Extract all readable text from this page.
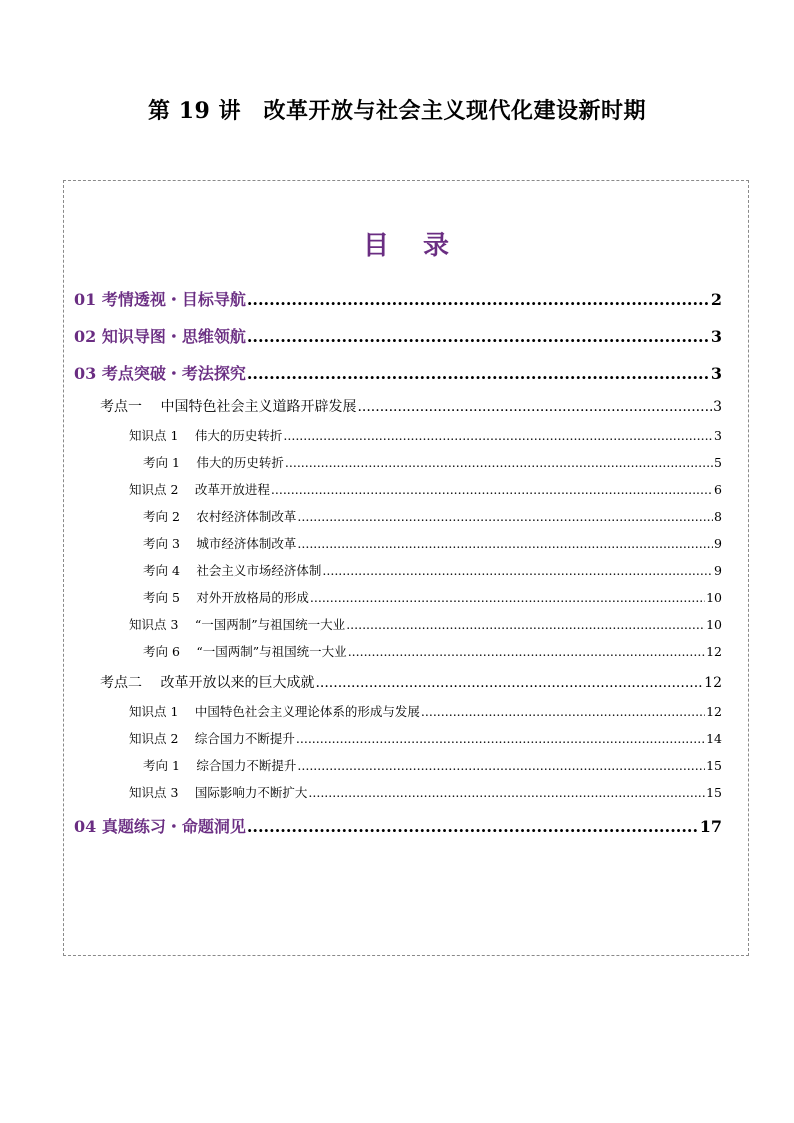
第 19 讲　改革开放与社会主义现代化建设新时期
目录
01 考情透视・目标导航 .....	2
02 知识导图・思维领航 .....	3
03 考点突破・考法探究 .....	3
考点一　 中国特色社会主义道路开辟发展 .....	3
知识点 1　 伟大的历史转折 .....	3
考向 1　 伟大的历史转折 .....	5
知识点 2　 改革开放进程 .....	6
考向 2　 农村经济体制改革 .....	8
考向 3　 城市经济体制改革 .....	9
考向 4　 社会主义市场经济体制 .....	9
考向 5　 对外开放格局的形成 .....	10
知识点 3　 “一国两制”与祖国统一大业 .....	10
考向 6　 “一国两制”与祖国统一大业 .....	12
考点二　 改革开放以来的巨大成就 .....	12
知识点 1　 中国特色社会主义理论体系的形成与发展 .....	12
知识点 2　 综合国力不断提升 .....	14
考向 1　 综合国力不断提升 .....	15
知识点 3　 国际影响力不断扩大 .....	15
04 真题练习・命题洞见 .....	17
